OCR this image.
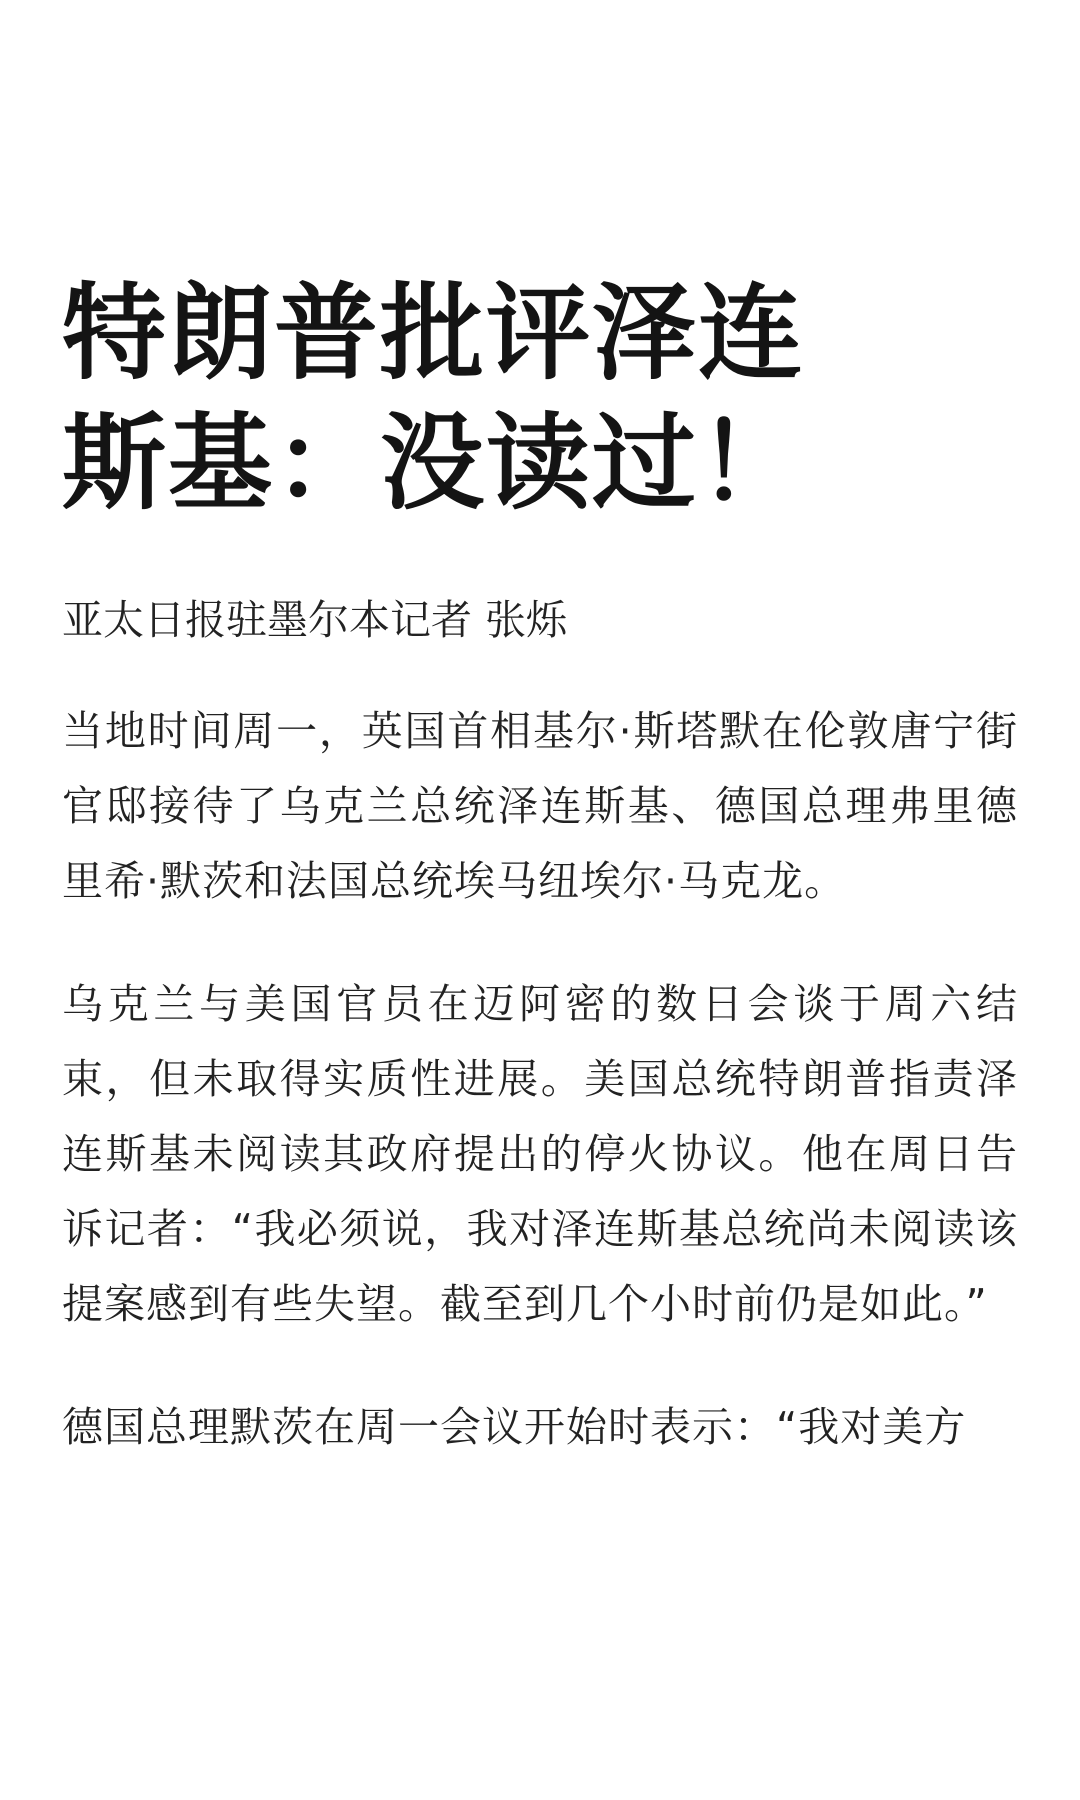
特朗普批评泽连斯基：没读过！

亚太日报驻墨尔本记者 张烁

当地时间周一，英国首相基尔·斯塔默在伦敦唐宁街官邸接待了乌克兰总统泽连斯基、德国总理弗里德里希·默茨和法国总统埃马纽埃尔·马克龙。

乌克兰与美国官员在迈阿密的数日会谈于周六结束，但未取得实质性进展。美国总统特朗普指责泽连斯基未阅读其政府提出的停火协议。他在周日告诉记者：“我必须说，我对泽连斯基总统尚未阅读该提案感到有些失望。截至到几个小时前仍是如此。”

德国总理默茨在周一会议开始时表示：“我对美方
